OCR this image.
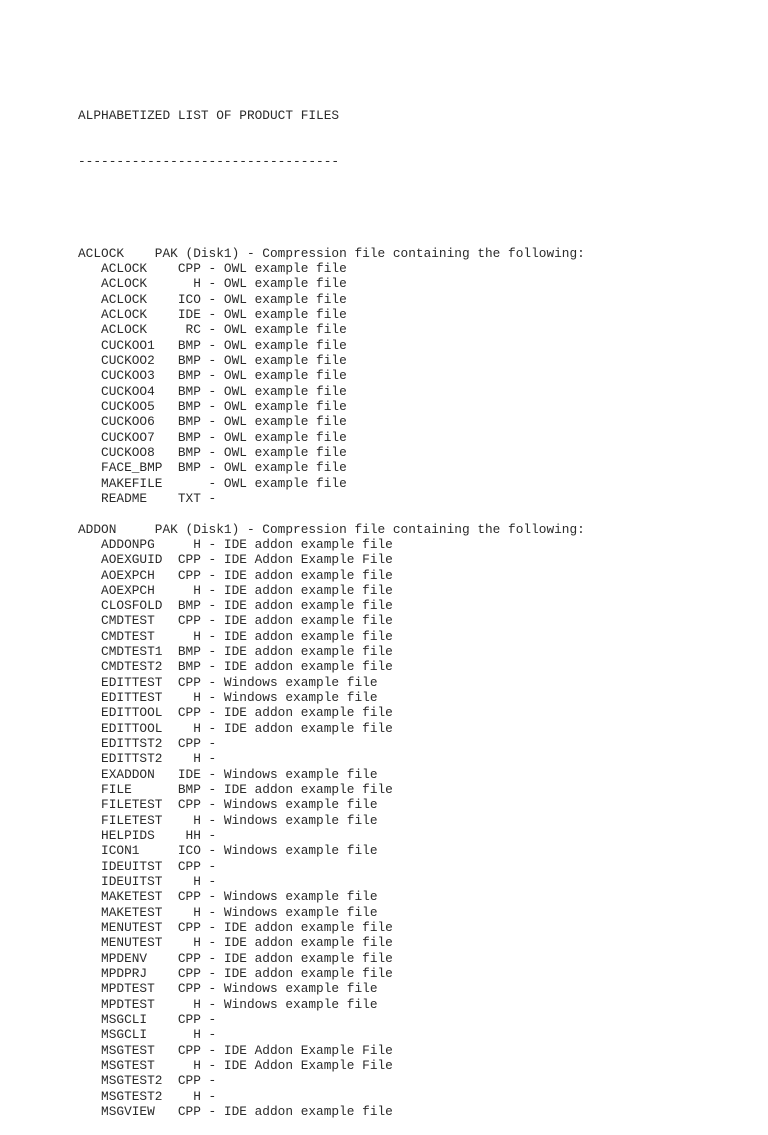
ALPHABETIZED LIST OF PRODUCT FILES

----------------------------------

ACLOCK    PAK (Disk1) - Compression file containing the following:
ACLOCK    CPP - OWL example file
ACLOCK      H - OWL example file
ACLOCK    ICO - OWL example file
ACLOCK    IDE - OWL example file
ACLOCK     RC - OWL example file
CUCKOO1   BMP - OWL example file
CUCKOO2   BMP - OWL example file
CUCKOO3   BMP - OWL example file
CUCKOO4   BMP - OWL example file
CUCKOO5   BMP - OWL example file
CUCKOO6   BMP - OWL example file
CUCKOO7   BMP - OWL example file
CUCKOO8   BMP - OWL example file
FACE_BMP  BMP - OWL example file
MAKEFILE      - OWL example file
README    TXT -
ADDON     PAK (Disk1) - Compression file containing the following:
ADDONPG     H - IDE addon example file
AOEXGUID  CPP - IDE Addon Example File
AOEXPCH   CPP - IDE addon example file
AOEXPCH     H - IDE addon example file
CLOSFOLD  BMP - IDE addon example file
CMDTEST   CPP - IDE addon example file
CMDTEST     H - IDE addon example file
CMDTEST1  BMP - IDE addon example file
CMDTEST2  BMP - IDE addon example file
EDITTEST  CPP - Windows example file
EDITTEST    H - Windows example file
EDITTOOL  CPP - IDE addon example file
EDITTOOL    H - IDE addon example file
EDITTST2  CPP -
EDITTST2    H -
EXADDON   IDE - Windows example file
FILE      BMP - IDE addon example file
FILETEST  CPP - Windows example file
FILETEST    H - Windows example file
HELPIDS    HH -
ICON1     ICO - Windows example file
IDEUITST  CPP -
IDEUITST    H -
MAKETEST  CPP - Windows example file
MAKETEST    H - Windows example file
MENUTEST  CPP - IDE addon example file
MENUTEST    H - IDE addon example file
MPDENV    CPP - IDE addon example file
MPDPRJ    CPP - IDE addon example file
MPDTEST   CPP - Windows example file
MPDTEST     H - Windows example file
MSGCLI    CPP -
MSGCLI      H -
MSGTEST   CPP - IDE Addon Example File
MSGTEST     H - IDE Addon Example File
MSGTEST2  CPP -
MSGTEST2    H -
MSGVIEW   CPP - IDE addon example file
